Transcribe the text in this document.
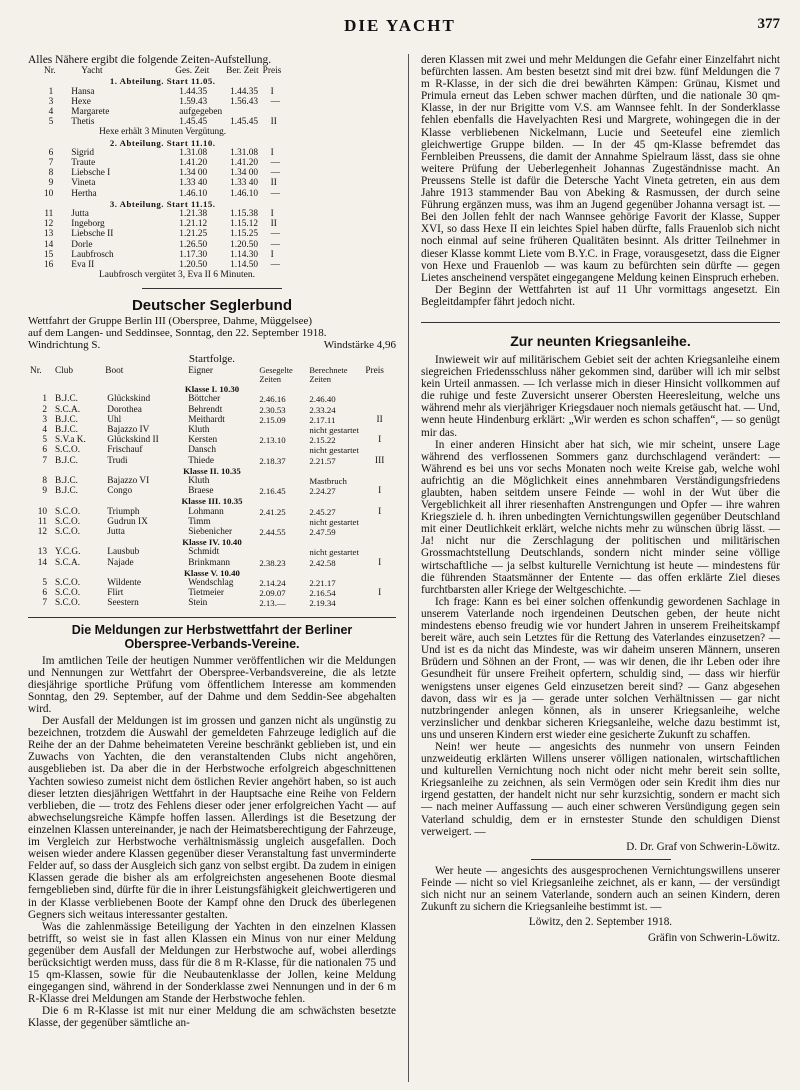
DIE YACHT	377

Alles Nähere ergibt die folgende Zeiten-Aufstellung.

Nr.	Yacht	Ges. Zeit	Ber. Zeit	Preis
1. Abteilung. Start 11.05.				
1	Hansa	1.44.35	1.44.35	I
3	Hexe	1.59.43	1.56.43	—
4	Margarete	aufgegeben		
5	Thetis	1.45.45	1.45.45	II
Hexe erhält 3 Minuten Vergütung.				
2. Abteilung. Start 11.10.				
6	Sigrid	1.31.08	1.31.08	I
7	Traute	1.41.20	1.41.20	—
8	Liebsche I	1.34 00	1.34 00	—
9	Vineta	1.33 40	1.33 40	II
10	Hertha	1.46.10	1.46.10	—
3. Abteilung. Start 11.15.				
11	Jutta	1.21.38	1.15.38	I
12	Ingeborg	1.21.12	1.15.12	II
13	Liebsche II	1.21.25	1.15.25	—
14	Dorle	1.26.50	1.20.50	—
15	Laubfrosch	1.17.30	1.14.30	I
16	Eva II	1.20.50	1.14.50	—
Laubfrosch vergütet 3, Eva II 6 Minuten.
Deutscher Seglerbund

Wettfahrt der Gruppe Berlin III (Oberspree, Dahme, Müggelsee)

auf dem Langen- und Seddinsee, Sonntag, den 22. September 1918.

Windrichtung S.	Windstärke 4,96
Startfolge.
Nr.	Club	Boot	Eigner	Gesegelte Zeiten	Berechnete Zeiten	Preis
Klasse I. 10.30						
1	B.J.C.	Glückskind	Böttcher	2.46.16	2.46.40	
2	S.C.A.	Dorothea	Behrendt	2.30.53	2.33.24	
3	B.J.C.	Uhl	Meithardt	2.15.09	2.17.11	II
4	B.J.C.	Bajazzo IV	Kluth		nicht gestartet	
5	S.V.a K.	Glückskind II	Kersten	2.13.10	2.15.22	I
6	S.C.O.	Frischauf	Dansch		nicht gestartet	
7	B.J.C.	Trudi	Thiede	2.18.37	2.21.57	III
Klasse II. 10.35						
8	B.J.C.	Bajazzo VI	Kluth		Mastbruch	
9	B.J.C.	Congo	Braese	2.16.45	2.24.27	I
Klasse III. 10.35						
10	S.C.O.	Triumph	Lohmann	2.41.25	2.45.27	I
11	S.C.O.	Gudrun IX	Timm		nicht gestartet	
12	S.C.O.	Jutta	Siebenicher	2.44.55	2.47.59	
Klasse IV. 10.40						
13	Y.C.G.	Lausbub	Schmidt		nicht gestartet	
14	S.C.A.	Najade	Brinkmann	2.38.23	2.42.58	I
Klasse V. 10.40						
5	S.C.O.	Wildente	Wendschlag	2.14.24	2.21.17	
6	S.C.O.	Flirt	Tietmeier	2.09.07	2.16.54	I
7	S.C.O.	Seestern	Stein	2.13.—	2.19.34	
Die Meldungen zur Herbstwettfahrt der Berliner
Oberspree-Verbands-Vereine.

Im amtlichen Teile der heutigen Nummer veröffentlichen wir die Meldungen und Nennungen zur Wettfahrt der Oberspree-Verbandsvereine, die als letzte diesjährige sportliche Prüfung vom öffentlichem Interesse am kommenden Sonntag, den 29. September, auf der Dahme und dem Seddin-See abgehalten wird.

Der Ausfall der Meldungen ist im grossen und ganzen nicht als ungünstig zu bezeichnen, trotzdem die Auswahl der gemeldeten Fahrzeuge lediglich auf die Reihe der an der Dahme beheimateten Vereine beschränkt geblieben ist, und ein Zuwachs von Yachten, die den veranstaltenden Clubs nicht angehören, ausgeblieben ist. Da aber die in der Herbstwoche erfolgreich abgeschnittenen Yachten sowieso zumeist nicht dem östlichen Revier angehört haben, so ist auch dieser letzten diesjährigen Wettfahrt in der Hauptsache eine Reihe von Feldern verblieben, die — trotz des Fehlens dieser oder jener erfolgreichen Yacht — auf abwechselungsreiche Kämpfe hoffen lassen. Allerdings ist die Besetzung der einzelnen Klassen untereinander, je nach der Heimatsberechtigung der Fahrzeuge, im Vergleich zur Herbstwoche verhältnismässig ungleich ausgefallen. Doch weisen wieder andere Klassen gegenüber dieser Veranstaltung fast unverminderte Felder auf, so dass der Ausgleich sich ganz von selbst ergibt. Da zudem in einigen Klassen gerade die bisher als am erfolgreichsten angesehenen Boote diesmal ferngeblieben sind, dürfte für die in ihrer Leistungsfähigkeit gleichwertigeren und in der Klasse verbliebenen Boote der Kampf ohne den Druck des überlegenen Gegners sich weitaus interessanter gestalten.

Was die zahlenmässige Beteiligung der Yachten in den einzelnen Klassen betrifft, so weist sie in fast allen Klassen ein Minus von nur einer Meldung gegenüber dem Ausfall der Meldungen zur Herbstwoche auf, wobei allerdings berücksichtigt werden muss, dass für die 8 m R-Klasse, für die nationalen 75 und 15 qm-Klassen, sowie für die Neubautenklasse der Jollen, keine Meldung eingegangen sind, während in der Sonderklasse zwei Nennungen und in der 6 m R-Klasse drei Meldungen am Stande der Herbstwoche fehlen.

Die 6 m R-Klasse ist mit nur einer Meldung die am schwächsten besetzte Klasse, der gegenüber sämtliche an-

deren Klassen mit zwei und mehr Meldungen die Gefahr einer Einzelfahrt nicht befürchten lassen. Am besten besetzt sind mit drei bzw. fünf Meldungen die 7 m R-Klasse, in der sich die drei bewährten Kämpen: Grünau, Kismet und Primula erneut das Leben schwer machen dürften, und die nationale 30 qm-Klasse, in der nur Brigitte vom V.S. am Wannsee fehlt. In der Sonderklasse fehlen ebenfalls die Havelyachten Resi und Margrete, wohingegen die in der Klasse verbliebenen Nickelmann, Lucie und Seeteufel eine ziemlich gleichwertige Gruppe bilden. — In der 45 qm-Klasse befremdet das Fernbleiben Preussens, die damit der Annahme Spielraum lässt, dass sie ohne weitere Prüfung der Ueberlegenheit Johannas Zugeständnisse macht. An Preussens Stelle ist dafür die Detersche Yacht Vineta getreten, ein aus dem Jahre 1913 stammender Bau von Abeking & Rasmussen, der durch seine Führung ergänzen muss, was ihm an Jugend gegenüber Johanna versagt ist. — Bei den Jollen fehlt der nach Wannsee gehörige Favorit der Klasse, Supper XVI, so dass Hexe II ein leichtes Spiel haben dürfte, falls Frauenlob sich nicht noch einmal auf seine früheren Qualitäten besinnt. Als dritter Teilnehmer in dieser Klasse kommt Liete vom B.Y.C. in Frage, vorausgesetzt, dass die Eigner von Hexe und Frauenlob — was kaum zu befürchten sein dürfte — gegen Lietes anscheinend verspätet eingegangene Meldung keinen Einspruch erheben.

Der Beginn der Wettfahrten ist auf 11 Uhr vormittags angesetzt. Ein Begleitdampfer fährt jedoch nicht.

Zur neunten Kriegsanleihe.

Inwieweit wir auf militärischem Gebiet seit der achten Kriegsanleihe einem siegreichen Friedensschluss näher gekommen sind, darüber will ich mir selbst kein Urteil anmassen. — Ich verlasse mich in dieser Hinsicht vollkommen auf die ruhige und feste Zuversicht unserer Obersten Heeresleitung, welche uns während mehr als vierjähriger Kriegsdauer noch niemals getäuscht hat. — Und, wenn heute Hindenburg erklärt: „Wir werden es schon schaffen“, — so genügt mir das.

In einer anderen Hinsicht aber hat sich, wie mir scheint, unsere Lage während des verflossenen Sommers ganz durchschlagend verändert: — Während es bei uns vor sechs Monaten noch weite Kreise gab, welche wohl aufrichtig an die Möglichkeit eines annehmbaren Verständigungsfriedens glaubten, haben seitdem unsere Feinde — wohl in der Wut über die Vergeblichkeit all ihrer riesenhaften Anstrengungen und Opfer — ihre wahren Kriegsziele d. h. ihren unbedingten Vernichtungswillen gegenüber Deutschland mit einer Deutlichkeit erklärt, welche nichts mehr zu wünschen übrig lässt. — Ja! nicht nur die Zerschlagung der politischen und militärischen Grossmachtstellung Deutschlands, sondern nicht minder seine völlige wirtschaftliche — ja selbst kulturelle Vernichtung ist heute — mindestens für die führenden Staatsmänner der Entente — das offen erklärte Ziel dieses furchtbarsten aller Kriege der Weltgeschichte. —

Ich frage: Kann es bei einer solchen offenkundig gewordenen Sachlage in unserem Vaterlande noch irgendeinen Deutschen geben, der heute nicht mindestens ebenso freudig wie vor hundert Jahren in unserem Freiheitskampf bereit wäre, auch sein Letztes für die Rettung des Vaterlandes einzusetzen? — Und ist es da nicht das Mindeste, was wir daheim unseren Männern, unseren Brüdern und Söhnen an der Front, — was wir denen, die ihr Leben oder ihre Gesundheit für unsere Freiheit opfertern, schuldig sind, — dass wir hierfür wenigstens unser eigenes Geld einzusetzen bereit sind? — Ganz abgesehen davon, dass wir es ja — gerade unter solchen Verhältnissen — gar nicht nutzbringender anlegen können, als in unserer Kriegsanleihe, welche verzinslicher und denkbar sicheren Kriegsanleihe, welche dazu bestimmt ist, uns und unseren Kindern erst wieder eine gesicherte Zukunft zu schaffen.

Nein! wer heute — angesichts des nunmehr von unsern Feinden unzweideutig erklärten Willens unserer völligen nationalen, wirtschaftlichen und kulturellen Vernichtung noch nicht oder nicht mehr bereit sein sollte, Kriegsanleihe zu zeichnen, als sein Vermögen oder sein Kredit ihm dies nur irgend gestatten, der handelt nicht nur sehr kurzsichtig, sondern er macht sich — nach meiner Auffassung — auch einer schweren Versündigung gegen sein Vaterland schuldig, dem er in ernstester Stunde den schuldigen Dienst verweigert. —

D. Dr. Graf von Schwerin-Löwitz.

Wer heute — angesichts des ausgesprochenen Vernichtungswillens unserer Feinde — nicht so viel Kriegsanleihe zeichnet, als er kann, — der versündigt sich nicht nur an seinem Vaterlande, sondern auch an seinen Kindern, deren Zukunft zu sichern die Kriegsanleihe bestimmt ist. —

Löwitz, den 2. September 1918.
Gräfin von Schwerin-Löwitz.
